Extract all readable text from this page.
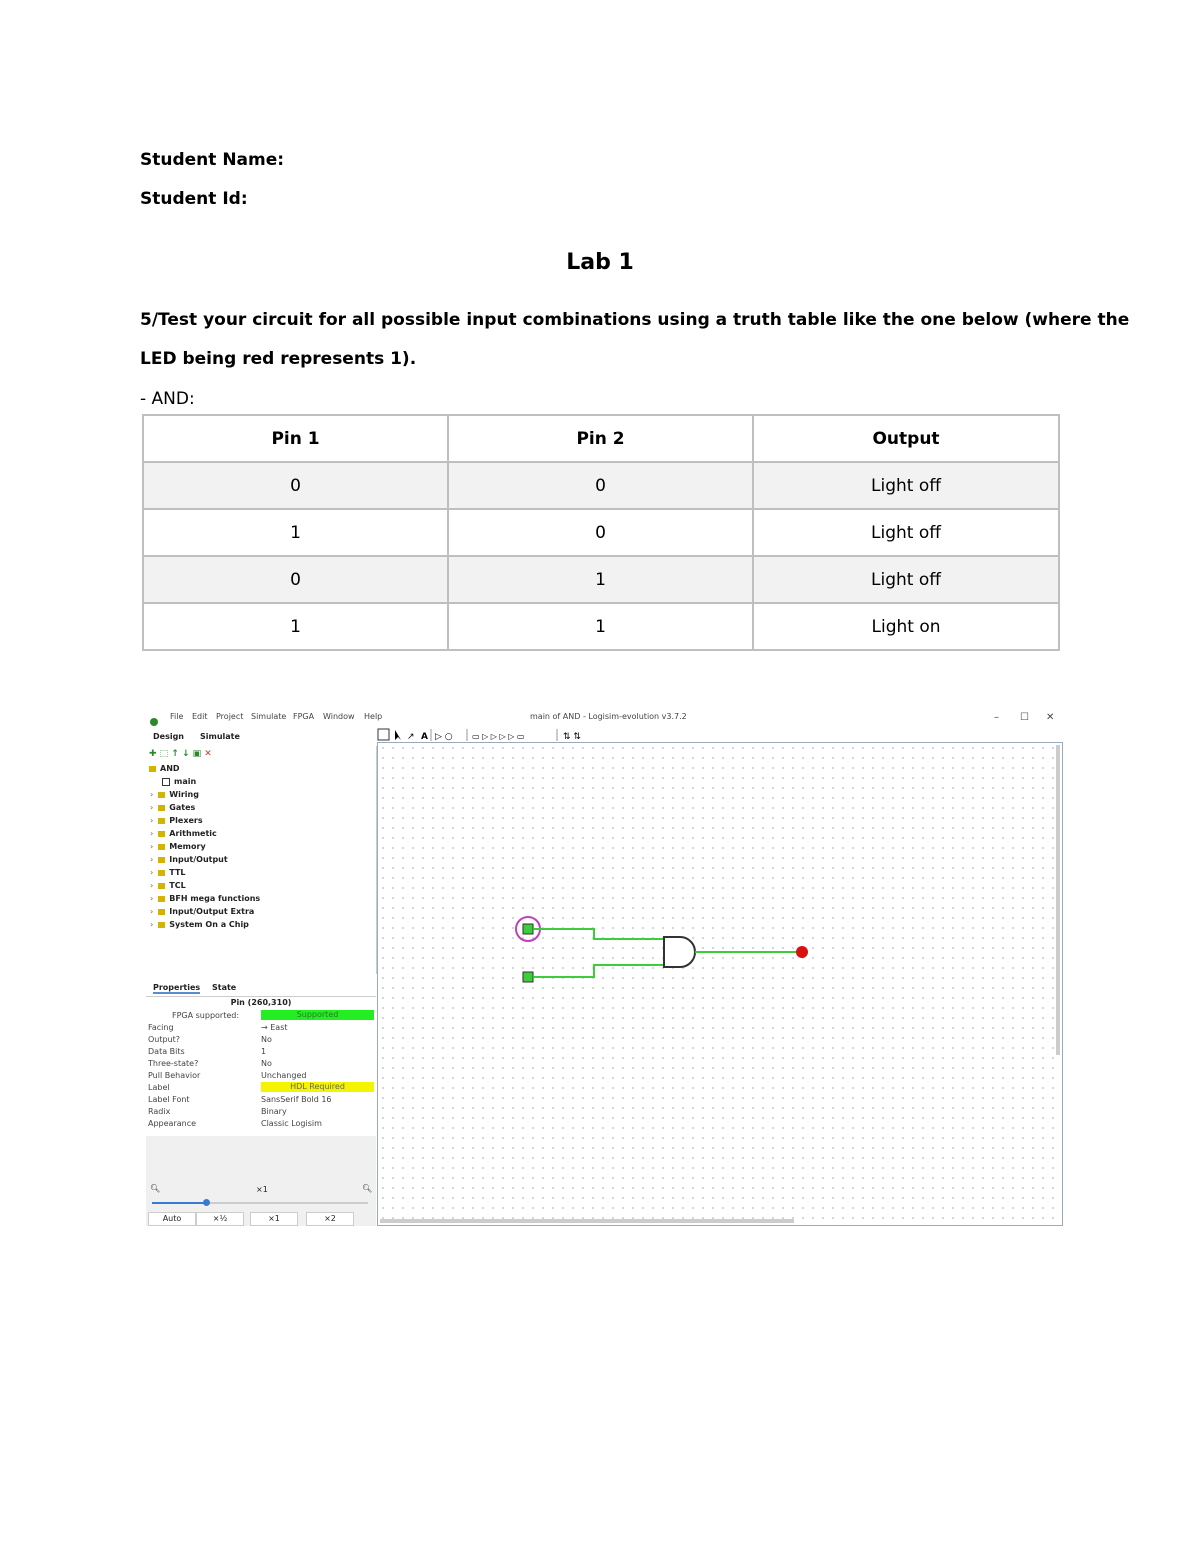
Student Name:
Student Id:
Lab 1
5/Test your circuit for all possible input combinations using a truth table like the one below (where the
LED being red represents 1).
- AND:
Pin 1	Pin 2	Output
0	0	Light off
1	0	Light off
0	1	Light off
1	1	Light on
File Edit Project Simulate FPGA Window Help	main of AND - Logisim-evolution v3.7.2	– ☐ ✕
Design Simulate
✚ ⬚ ↑ ↓ ▣ ✕
AND
main
› Wiring
› Gates
› Plexers
› Arithmetic
› Memory
› Input/Output
› TTL
› TCL
› BFH mega functions
› Input/Output Extra
› System On a Chip
Properties State
Pin (260,310)
FPGA supported:	Supported
Facing	→ East
Output?	No
Data Bits	1
Three-state?	No
Pull Behavior	Unchanged
Label	HDL Required
Label Font	SansSerif Bold 16
Radix	Binary
Appearance	Classic Logisim
🔍︎	×1	🔍︎
Auto	×½	×1	×2
↗ A ▷ ○ ▭ ▷ ▷ ▷ ▷ ▭	⇅ ⇅
